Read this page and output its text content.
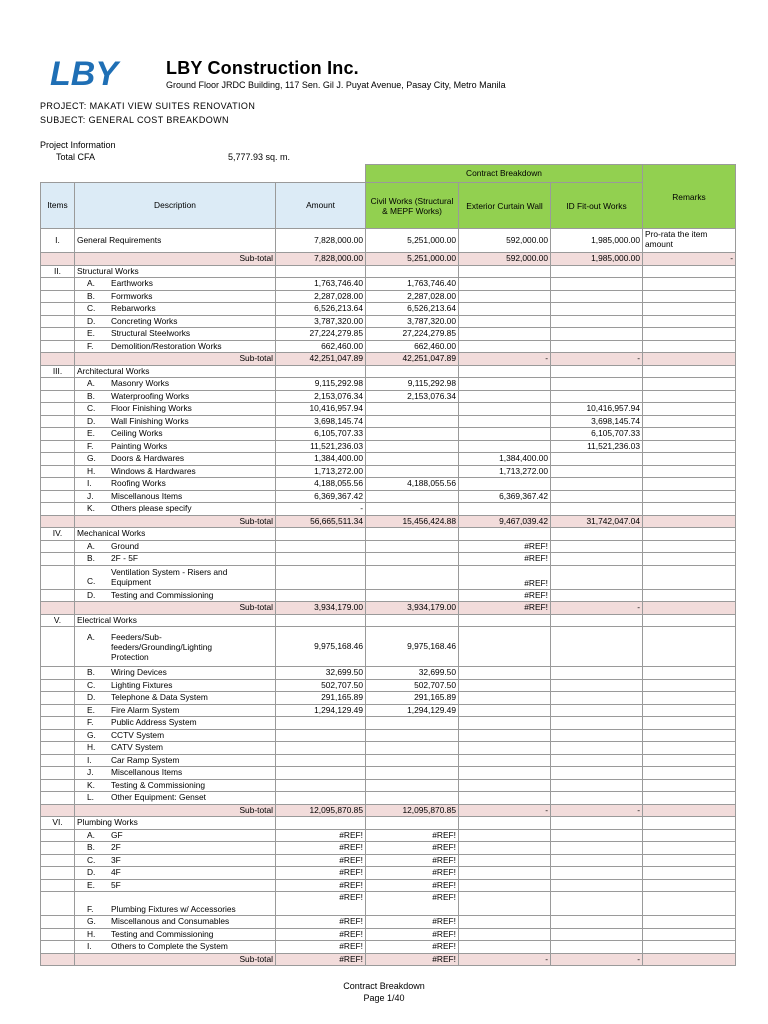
LBY	LBY Construction Inc.
Ground Floor JRDC Building, 117 Sen. Gil J. Puyat Avenue, Pasay City, Metro Manila
PROJECT: MAKATI VIEW SUITES RENOVATION
SUBJECT: GENERAL COST BREAKDOWN
Project Information
Total CFA	5,777.93 sq. m.
			Contract Breakdown			Remarks
Items	Description	Amount	Civil Works (Structural & MEPF Works)	Exterior Curtain Wall	ID Fit-out Works	
I.	General Requirements	7,828,000.00	5,251,000.00	592,000.00	1,985,000.00	Pro-rata the item amount
	Sub-total	7,828,000.00	5,251,000.00	592,000.00	1,985,000.00	-
II.	Structural Works					
	A. Earthworks	1,763,746.40	1,763,746.40			
	B. Formworks	2,287,028.00	2,287,028.00			
	C. Rebarworks	6,526,213.64	6,526,213.64			
	D. Concreting Works	3,787,320.00	3,787,320.00			
	E. Structural Steelworks	27,224,279.85	27,224,279.85			
	F. Demolition/Restoration Works	662,460.00	662,460.00			
	Sub-total	42,251,047.89	42,251,047.89	-	-	
III.	Architectural Works					
	A. Masonry Works	9,115,292.98	9,115,292.98			
	B. Waterproofing Works	2,153,076.34	2,153,076.34			
	C. Floor Finishing Works	10,416,957.94			10,416,957.94	
	D. Wall Finishing Works	3,698,145.74			3,698,145.74	
	E. Ceiling Works	6,105,707.33			6,105,707.33	
	F. Painting Works	11,521,236.03			11,521,236.03	
	G. Doors & Hardwares	1,384,400.00		1,384,400.00		
	H. Windows & Hardwares	1,713,272.00		1,713,272.00		
	I. Roofing Works	4,188,055.56	4,188,055.56			
	J. Miscellanous Items	6,369,367.42		6,369,367.42		
	K. Others please specify	-				
	Sub-total	56,665,511.34	15,456,424.88	9,467,039.42	31,742,047.04	
IV.	Mechanical Works					
	A. Ground			#REF!		
	B. 2F - 5F			#REF!		
	C.
Ventilation System - Risers and
Equipment			#REF!		
	D. Testing and Commissioning			#REF!		
	Sub-total	3,934,179.00	3,934,179.00	#REF!	-	
V.	Electrical Works					
	A. Feeders/Sub-
feeders/Grounding/Lighting
Protection	9,975,168.46	9,975,168.46			
	B. Wiring Devices	32,699.50	32,699.50			
	C. Lighting Fixtures	502,707.50	502,707.50			
	D. Telephone & Data System	291,165.89	291,165.89			
	E. Fire Alarm System	1,294,129.49	1,294,129.49			
	F. Public Address System					
	G. CCTV System					
	H. CATV System					
	I. Car Ramp System					
	J. Miscellanous Items					
	K. Testing & Commissioning					
	L. Other Equipment: Genset					
	Sub-total	12,095,870.85	12,095,870.85	-	-	
VI.	Plumbing Works					
	A. GF	#REF!	#REF!			
	B. 2F	#REF!	#REF!			
	C. 3F	#REF!	#REF!			
	D. 4F	#REF!	#REF!			
	E. 5F	#REF!	#REF!			
	F. Plumbing Fixtures w/ Accessories	#REF!	#REF!			
	G. Miscellanous and Consumables	#REF!	#REF!			
	H. Testing and Commissioning	#REF!	#REF!			
	I. Others to Complete the System	#REF!	#REF!			
	Sub-total	#REF!	#REF!	-	-	
Contract Breakdown
Page 1/40
